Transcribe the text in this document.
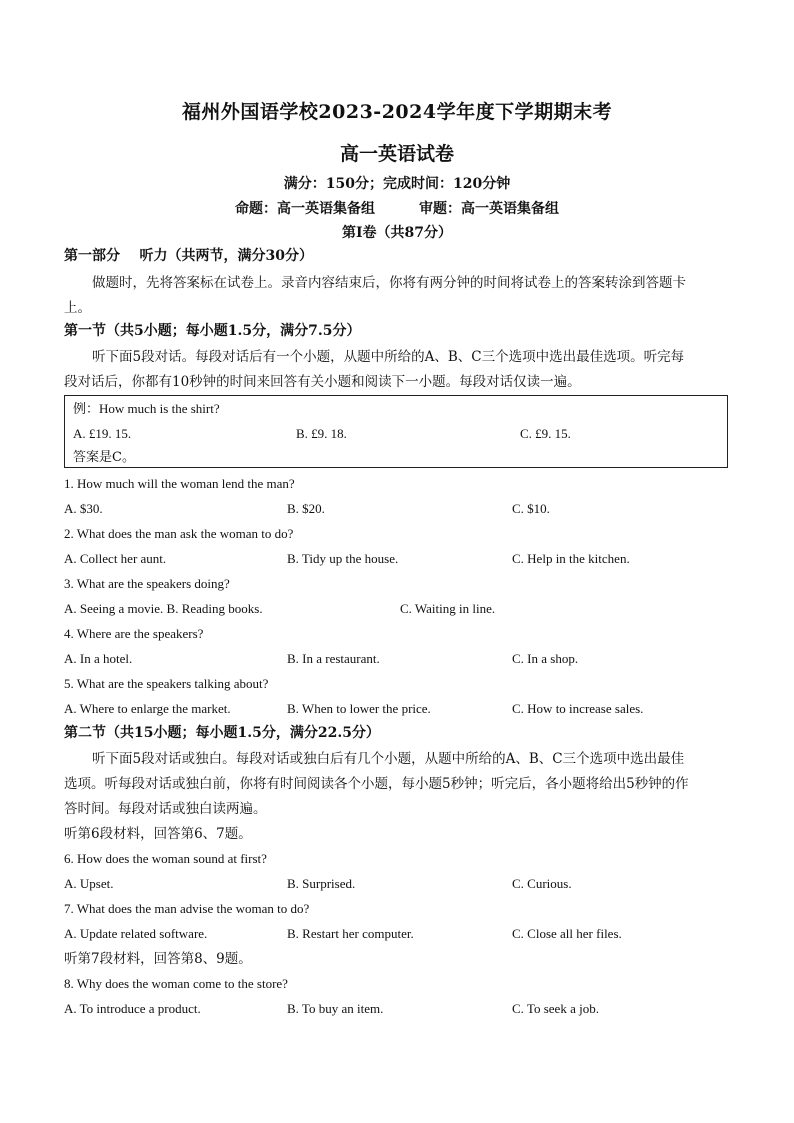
福州外国语学校2023-2024学年度下学期期末考
高一英语试卷
满分：150分；完成时间：120分钟
命题：高一英语集备组	审题：高一英语集备组
第Ⅰ卷（共87分）
第一部分    听力（共两节，满分30分）
做题时，先将答案标在试卷上。录音内容结束后，你将有两分钟的时间将试卷上的答案转涂到答题卡
上。
第一节（共5小题；每小题1.5分，满分7.5分）
听下面5段对话。每段对话后有一个小题，从题中所给的A、B、C三个选项中选出最佳选项。听完每
段对话后，你都有10秒钟的时间来回答有关小题和阅读下一小题。每段对话仅读一遍。
例：How much is the shirt?
A. £19. 15.	B. £9. 18.	C. £9. 15.
答案是C。
1. How much will the woman lend the man?
A. $30.	B. $20.	C. $10.
2. What does the man ask the woman to do?
A. Collect her aunt.	B. Tidy up the house.	C. Help in the kitchen.
3. What are the speakers doing?
A. Seeing a movie. B. Reading books.	C. Waiting in line.
4. Where are the speakers?
A. In a hotel.	B. In a restaurant.	C. In a shop.
5. What are the speakers talking about?
A. Where to enlarge the market.	B. When to lower the price.	C. How to increase sales.
第二节（共15小题；每小题1.5分，满分22.5分）
听下面5段对话或独白。每段对话或独白后有几个小题，从题中所给的A、B、C三个选项中选出最佳
选项。听每段对话或独白前，你将有时间阅读各个小题，每小题5秒钟；听完后，各小题将给出5秒钟的作
答时间。每段对话或独白读两遍。
听第6段材料，回答第6、7题。
6. How does the woman sound at first?
A. Upset.	B. Surprised.	C. Curious.
7. What does the man advise the woman to do?
A. Update related software.	B. Restart her computer.	C. Close all her files.
听第7段材料，回答第8、9题。
8. Why does the woman come to the store?
A. To introduce a product.	B. To buy an item.	C. To seek a job.
